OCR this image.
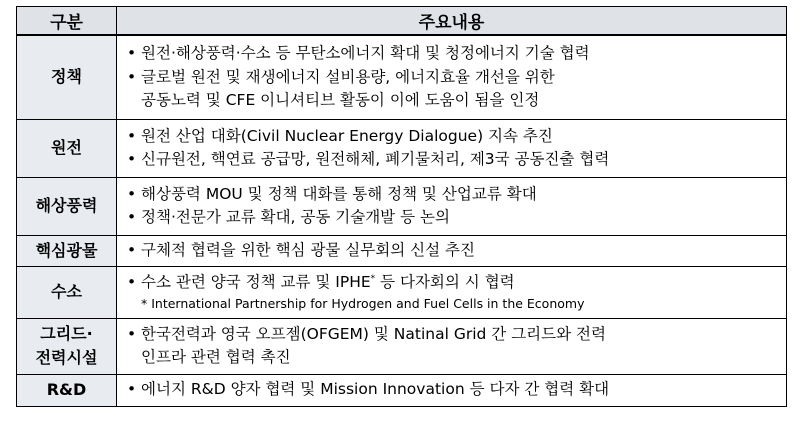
구분	주요내용
정책	• 원전·해상풍력·수소 등 무탄소에너지 확대 및 청정에너지 기술 협력
• 글로벌 원전 및 재생에너지 설비용량, 에너지효율 개선을 위한
공동노력 및 CFE 이니셔티브 활동이 이에 도움이 됨을 인정

원전	• 원전 산업 대화(Civil Nuclear Energy Dialogue) 지속 추진
• 신규원전, 핵연료 공급망, 원전해체, 폐기물처리, 제3국 공동진출 협력

해상풍력	• 해상풍력 MOU 및 정책 대화를 통해 정책 및 산업교류 확대
• 정책·전문가 교류 확대, 공동 기술개발 등 논의

핵심광물	• 구체적 협력을 위한 핵심 광물 실무회의 신설 추진

수소	• 수소 관련 양국 정책 교류 및 IPHE* 등 다자회의 시 협력
* International Partnership for Hydrogen and Fuel Cells in the Economy

그리드·
전력시설	• 한국전력과 영국 오프젬(OFGEM) 및 Natinal Grid 간 그리드와 전력
인프라 관련 협력 촉진

R&D	• 에너지 R&D 양자 협력 및 Mission Innovation 등 다자 간 협력 확대
